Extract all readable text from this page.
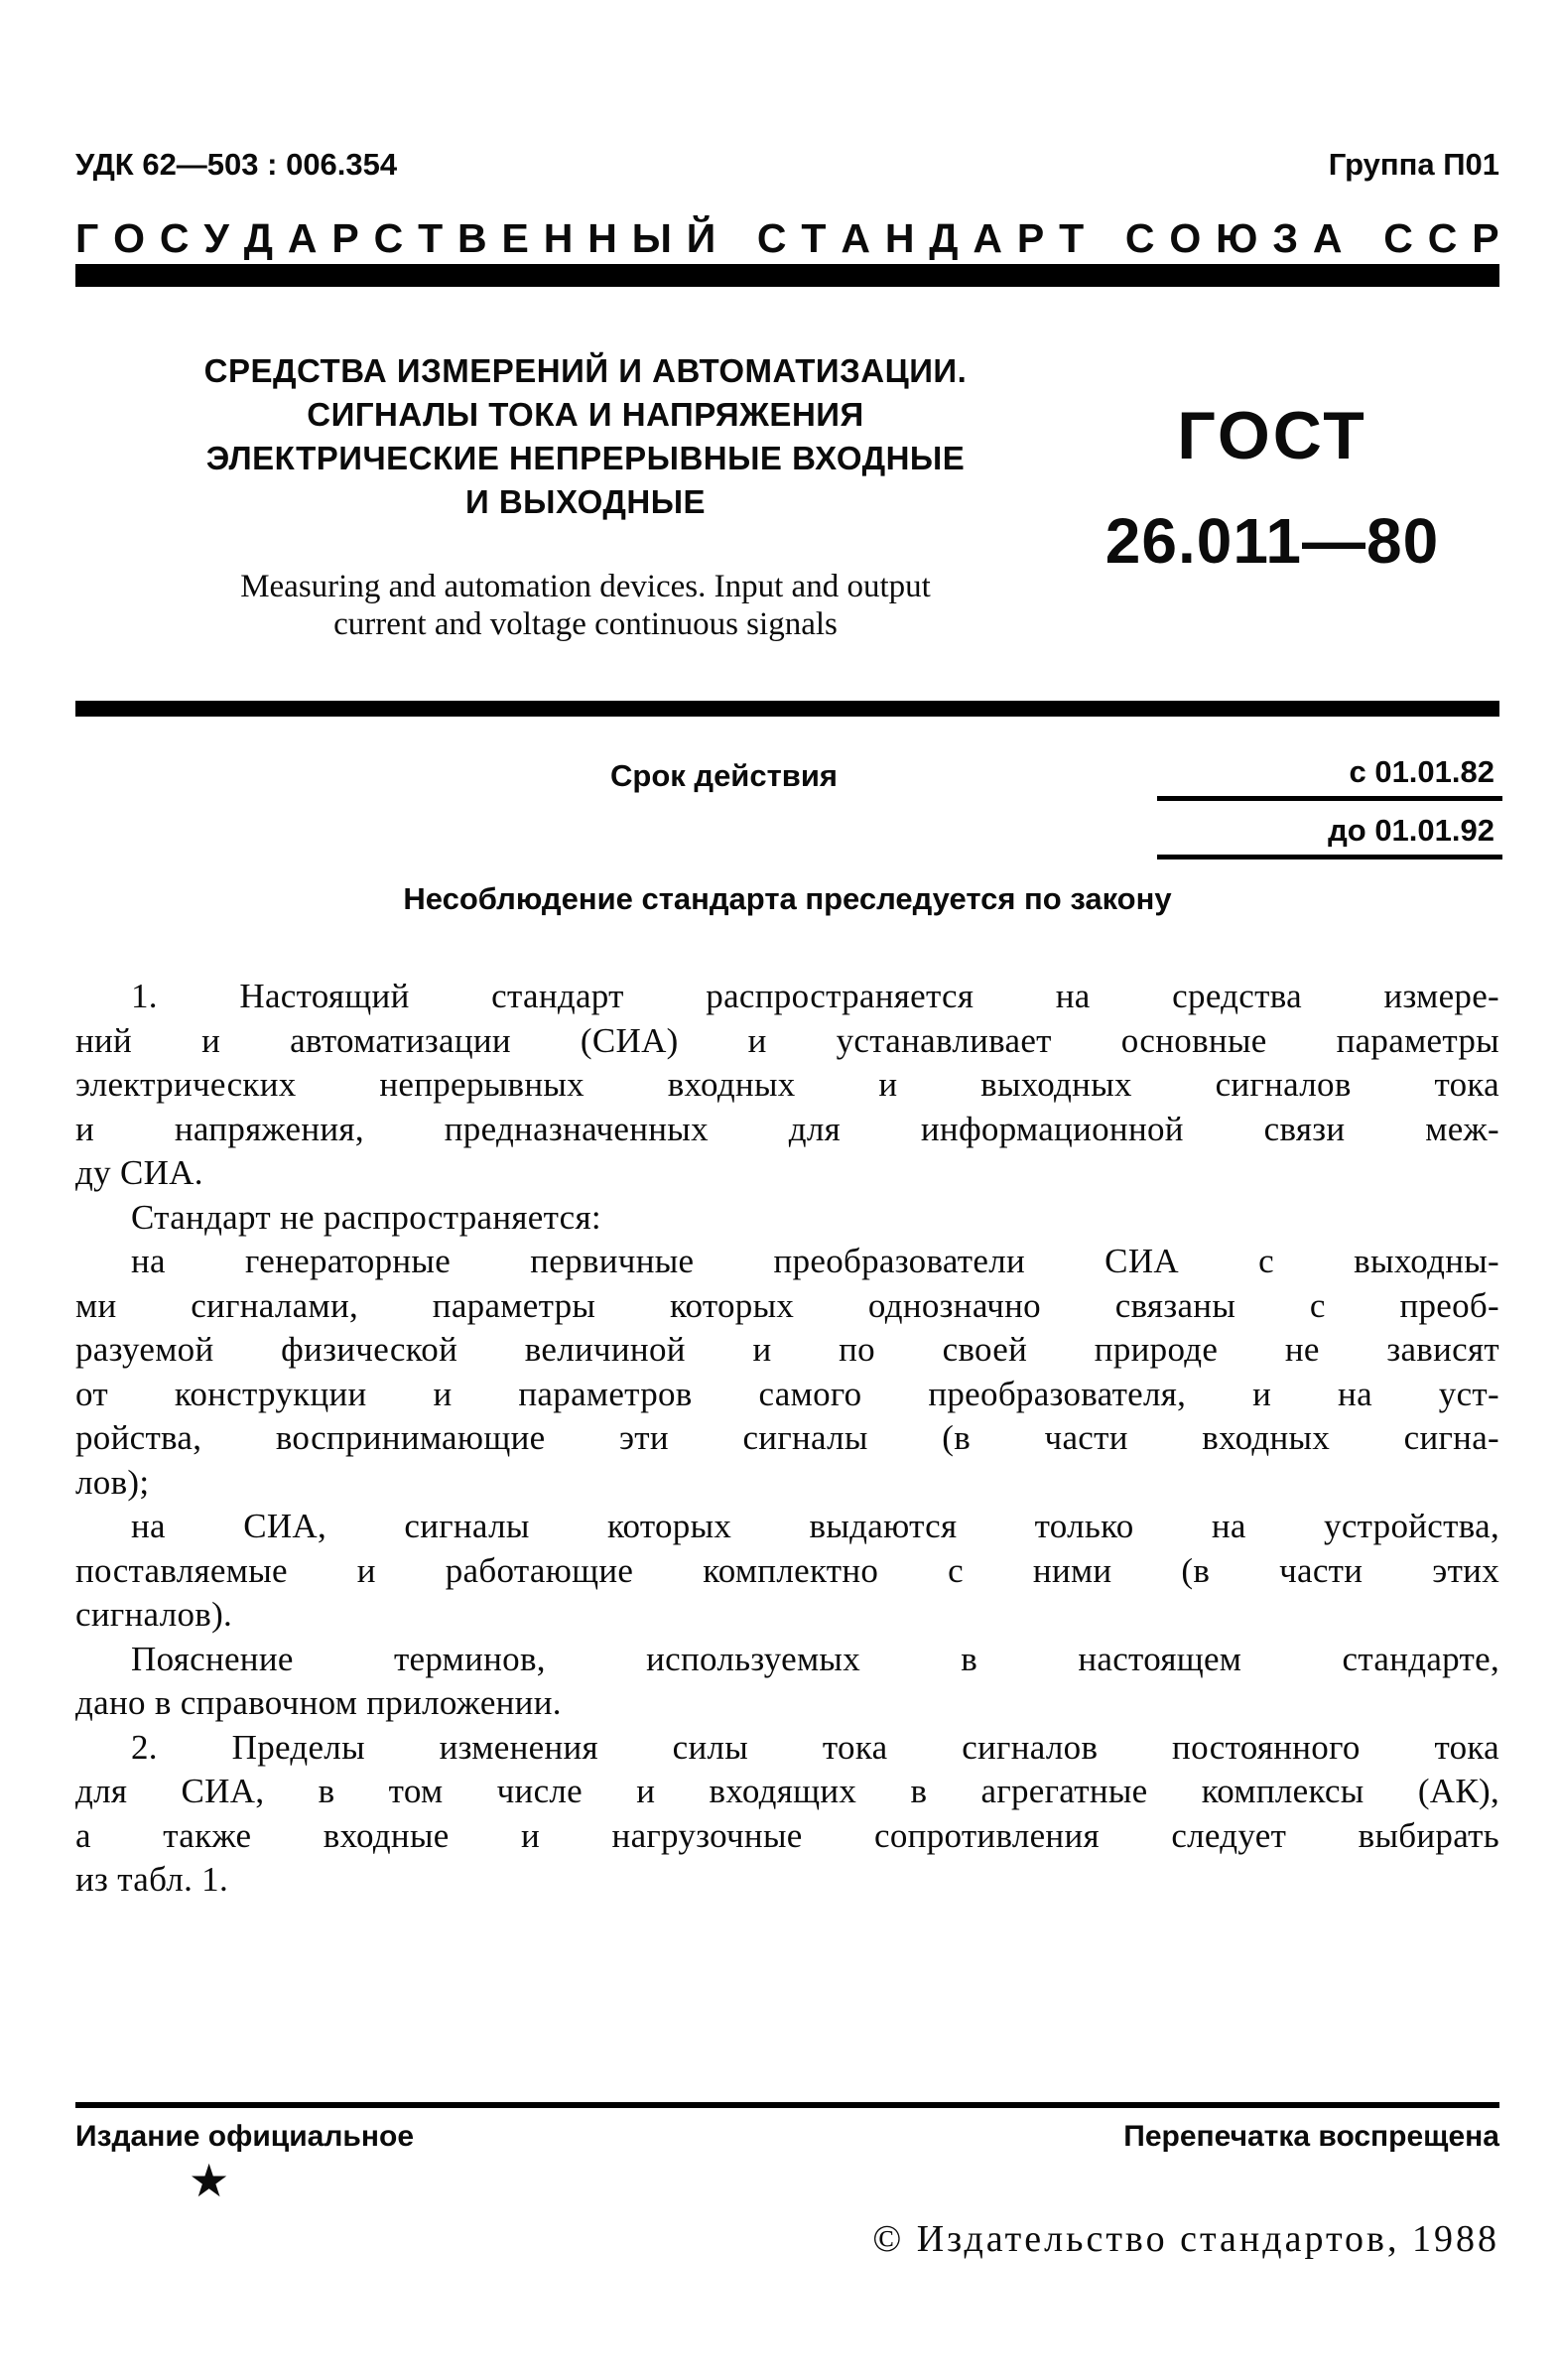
УДК 62—503 : 006.354	Группа П01
Г О С У Д А Р С Т В Е Н Н Ы Й С Т А Н Д А Р Т С О Ю З А С С Р
СРЕДСТВА ИЗМЕРЕНИЙ И АВТОМАТИЗАЦИИ.
СИГНАЛЫ ТОКА И НАПРЯЖЕНИЯ
ЭЛЕКТРИЧЕСКИЕ НЕПРЕРЫВНЫЕ ВХОДНЫЕ
И ВЫХОДНЫЕ
Measuring and automation devices. Input and output
current and voltage continuous signals
ГОСТ
26.011—80
Срок действия	с 01.01.82
до 01.01.92
Несоблюдение стандарта преследуется по закону
1. Настоящий стандарт распространяется на средства измере-
ний и автоматизации (СИА) и устанавливает основные параметры
электрических непрерывных входных и выходных сигналов тока
и напряжения, предназначенных для информационной связи меж-
ду СИА.
Стандарт не распространяется:
на генераторные первичные преобразователи СИА с выходны-
ми сигналами, параметры которых однозначно связаны с преоб-
разуемой физической величиной и по своей природе не зависят
от конструкции и параметров самого преобразователя, и на уст-
ройства, воспринимающие эти сигналы (в части входных сигна-
лов);
на СИА, сигналы которых выдаются только на устройства,
поставляемые и работающие комплектно с ними (в части этих
сигналов).
Пояснение терминов, используемых в настоящем стандарте,
дано в справочном приложении.
2. Пределы изменения силы тока сигналов постоянного тока
для СИА, в том числе и входящих в агрегатные комплексы (АК),
а также входные и нагрузочные сопротивления следует выбирать
из табл. 1.
Издание официальное	Перепечатка воспрещена
★
© Издательство стандартов, 1988
